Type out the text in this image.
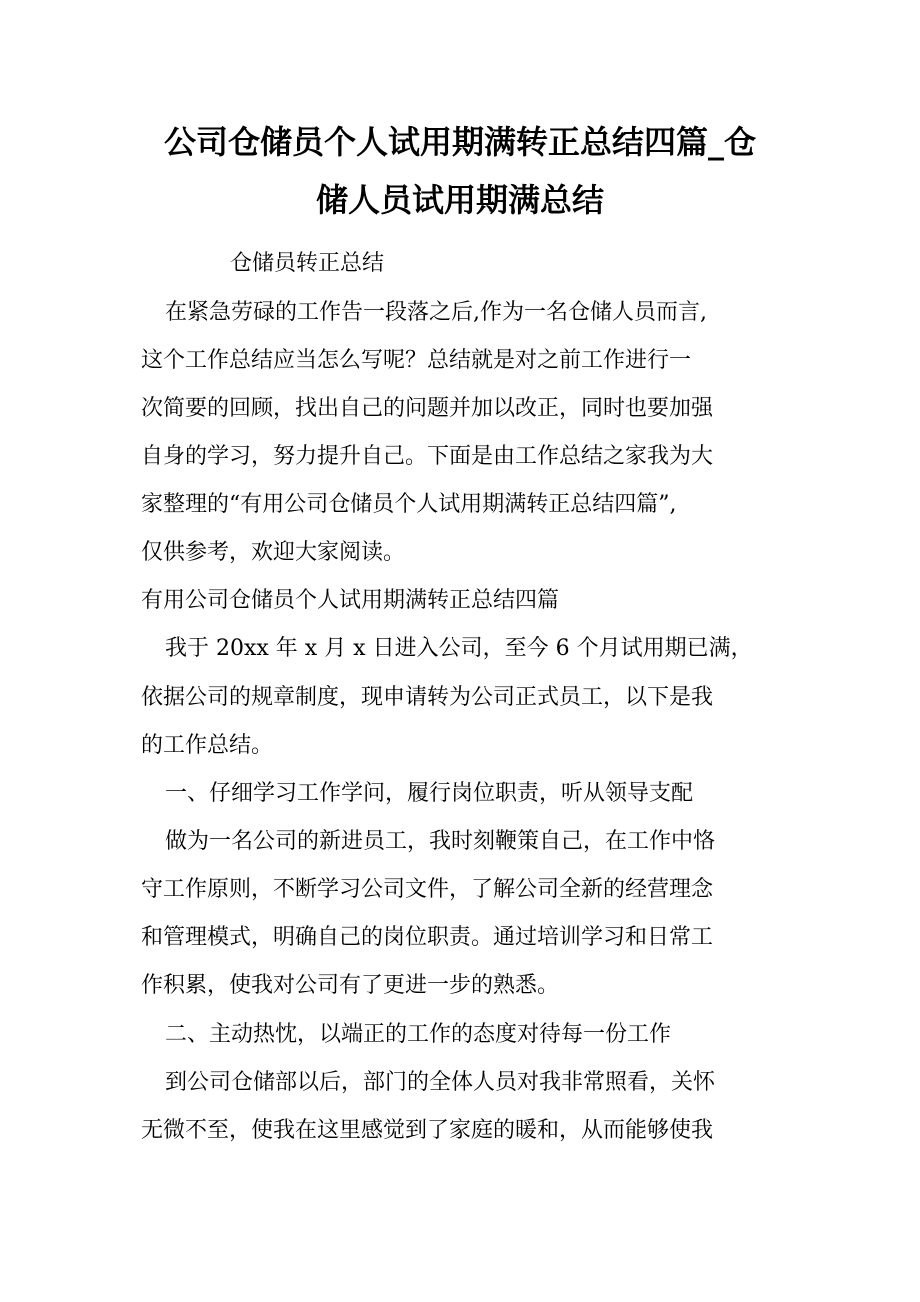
公司仓储员个人试用期满转正总结四篇_仓
储人员试用期满总结
仓储员转正总结
在紧急劳碌的工作告一段落之后,作为一名仓储人员而言,
这个工作总结应当怎么写呢？总结就是对之前工作进行一
次简要的回顾，找出自己的问题并加以改正，同时也要加强
自身的学习，努力提升自己。下面是由工作总结之家我为大
家整理的“有用公司仓储员个人试用期满转正总结四篇”,
仅供参考，欢迎大家阅读。
有用公司仓储员个人试用期满转正总结四篇
我于 20xx 年 x 月 x 日进入公司，至今 6 个月试用期已满，
依据公司的规章制度，现申请转为公司正式员工，以下是我
的工作总结。
一、仔细学习工作学问，履行岗位职责，听从领导支配
做为一名公司的新进员工，我时刻鞭策自己，在工作中恪
守工作原则，不断学习公司文件，了解公司全新的经营理念
和管理模式，明确自己的岗位职责。通过培训学习和日常工
作积累，使我对公司有了更进一步的熟悉。
二、主动热忱，以端正的工作的态度对待每一份工作
到公司仓储部以后，部门的全体人员对我非常照看，关怀
无微不至，使我在这里感觉到了家庭的暖和，从而能够使我
